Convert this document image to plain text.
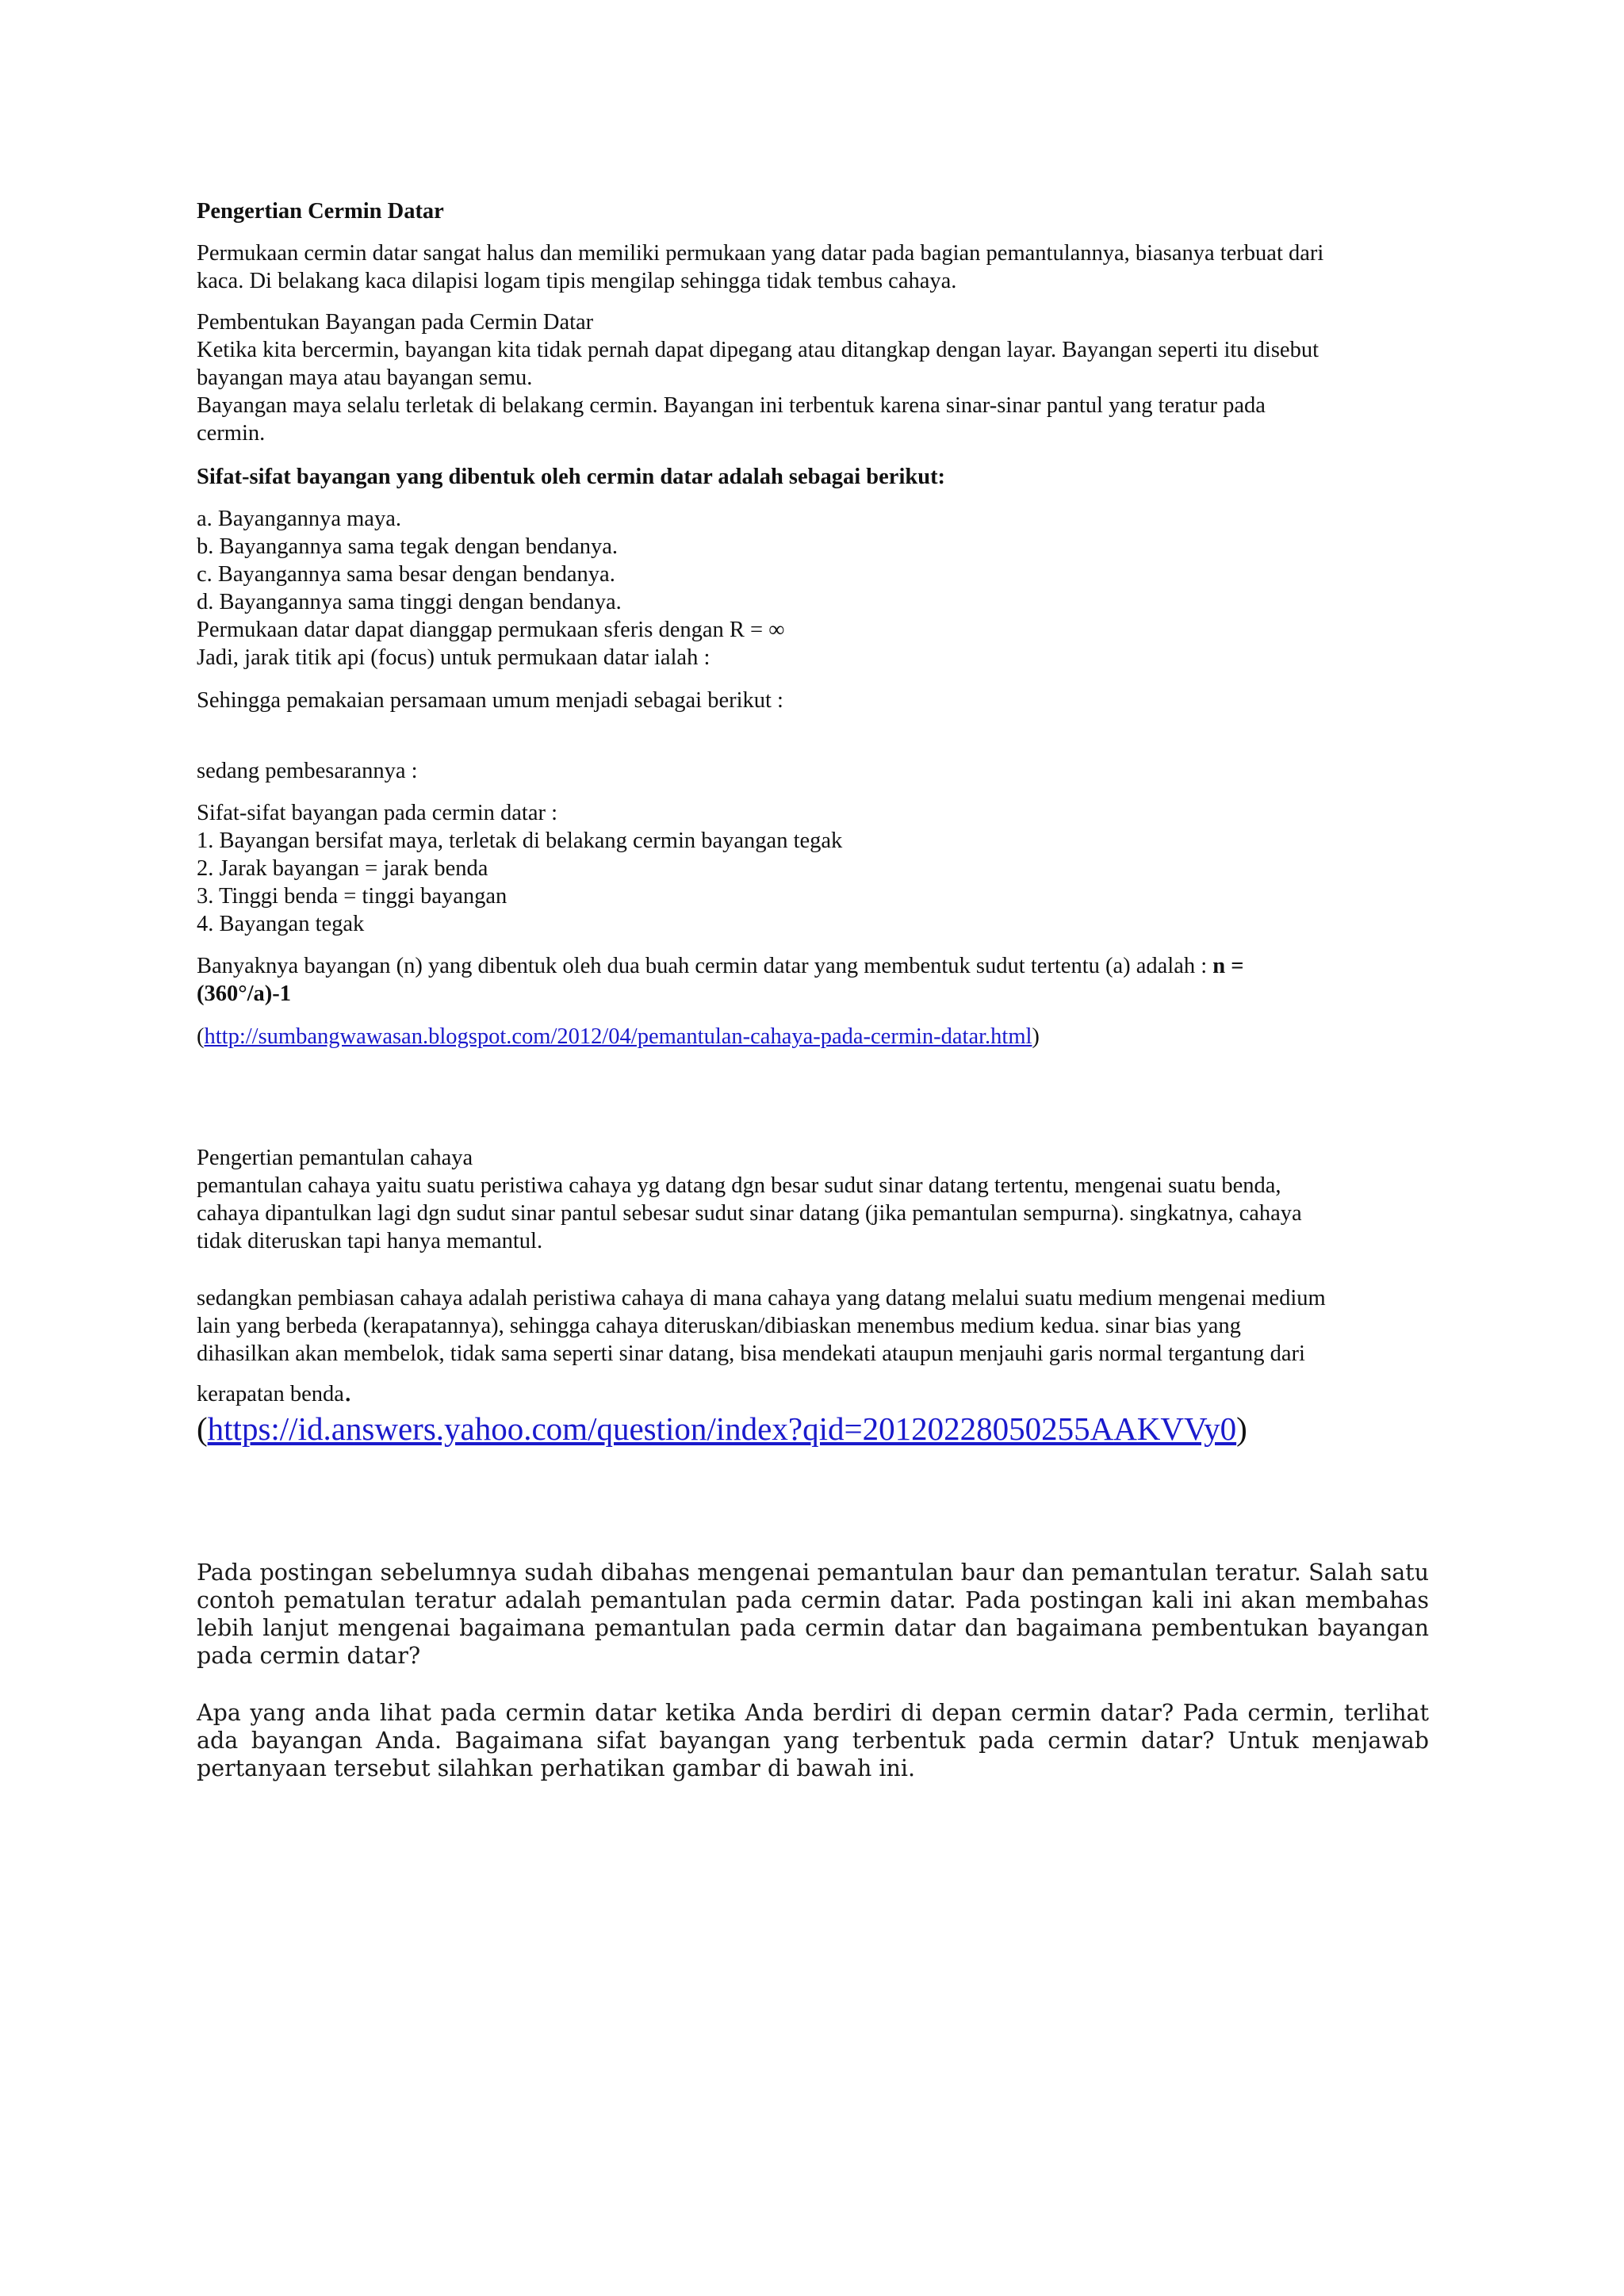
Pengertian Cermin Datar
Permukaan cermin datar sangat halus dan memiliki permukaan yang datar pada bagian pemantulannya, biasanya terbuat dari
kaca. Di belakang kaca dilapisi logam tipis mengilap sehingga tidak tembus cahaya.
Pembentukan Bayangan pada Cermin Datar
Ketika kita bercermin, bayangan kita tidak pernah dapat dipegang atau ditangkap dengan layar. Bayangan seperti itu disebut
bayangan maya atau bayangan semu.
Bayangan maya selalu terletak di belakang cermin. Bayangan ini terbentuk karena sinar-sinar pantul yang teratur pada
cermin.
Sifat-sifat bayangan yang dibentuk oleh cermin datar adalah sebagai berikut:
a. Bayangannya maya.
b. Bayangannya sama tegak dengan bendanya.
c. Bayangannya sama besar dengan bendanya.
d. Bayangannya sama tinggi dengan bendanya.
Permukaan datar dapat dianggap permukaan sferis dengan R = ∞
Jadi, jarak titik api (focus) untuk permukaan datar ialah :
Sehingga pemakaian persamaan umum menjadi sebagai berikut :
sedang pembesarannya :
Sifat-sifat bayangan pada cermin datar :
1. Bayangan bersifat maya, terletak di belakang cermin bayangan tegak
2. Jarak bayangan = jarak benda
3. Tinggi benda = tinggi bayangan
4. Bayangan tegak
Banyaknya bayangan (n) yang dibentuk oleh dua buah cermin datar yang membentuk sudut tertentu (a) adalah : n =
(360°/a)-1
(http://sumbangwawasan.blogspot.com/2012/04/pemantulan-cahaya-pada-cermin-datar.html)
Pengertian pemantulan cahaya
pemantulan cahaya yaitu suatu peristiwa cahaya yg datang dgn besar sudut sinar datang tertentu, mengenai suatu benda,
cahaya dipantulkan lagi dgn sudut sinar pantul sebesar sudut sinar datang (jika pemantulan sempurna). singkatnya, cahaya
tidak diteruskan tapi hanya memantul.
sedangkan pembiasan cahaya adalah peristiwa cahaya di mana cahaya yang datang melalui suatu medium mengenai medium
lain yang berbeda (kerapatannya), sehingga cahaya diteruskan/dibiaskan menembus medium kedua. sinar bias yang
dihasilkan akan membelok, tidak sama seperti sinar datang, bisa mendekati ataupun menjauhi garis normal tergantung dari
kerapatan benda.
(https://id.answers.yahoo.com/question/index?qid=20120228050255AAKVVy0)
Pada postingan sebelumnya sudah dibahas mengenai pemantulan baur dan pemantulan teratur. Salah satu contoh pematulan teratur adalah pemantulan pada cermin datar. Pada postingan kali ini akan membahas lebih lanjut mengenai bagaimana pemantulan pada cermin datar dan bagaimana pembentukan bayangan pada cermin datar?
Apa yang anda lihat pada cermin datar ketika Anda berdiri di depan cermin datar? Pada cermin, terlihat ada bayangan Anda. Bagaimana sifat bayangan yang terbentuk pada cermin datar? Untuk menjawab pertanyaan tersebut silahkan perhatikan gambar di bawah ini.
